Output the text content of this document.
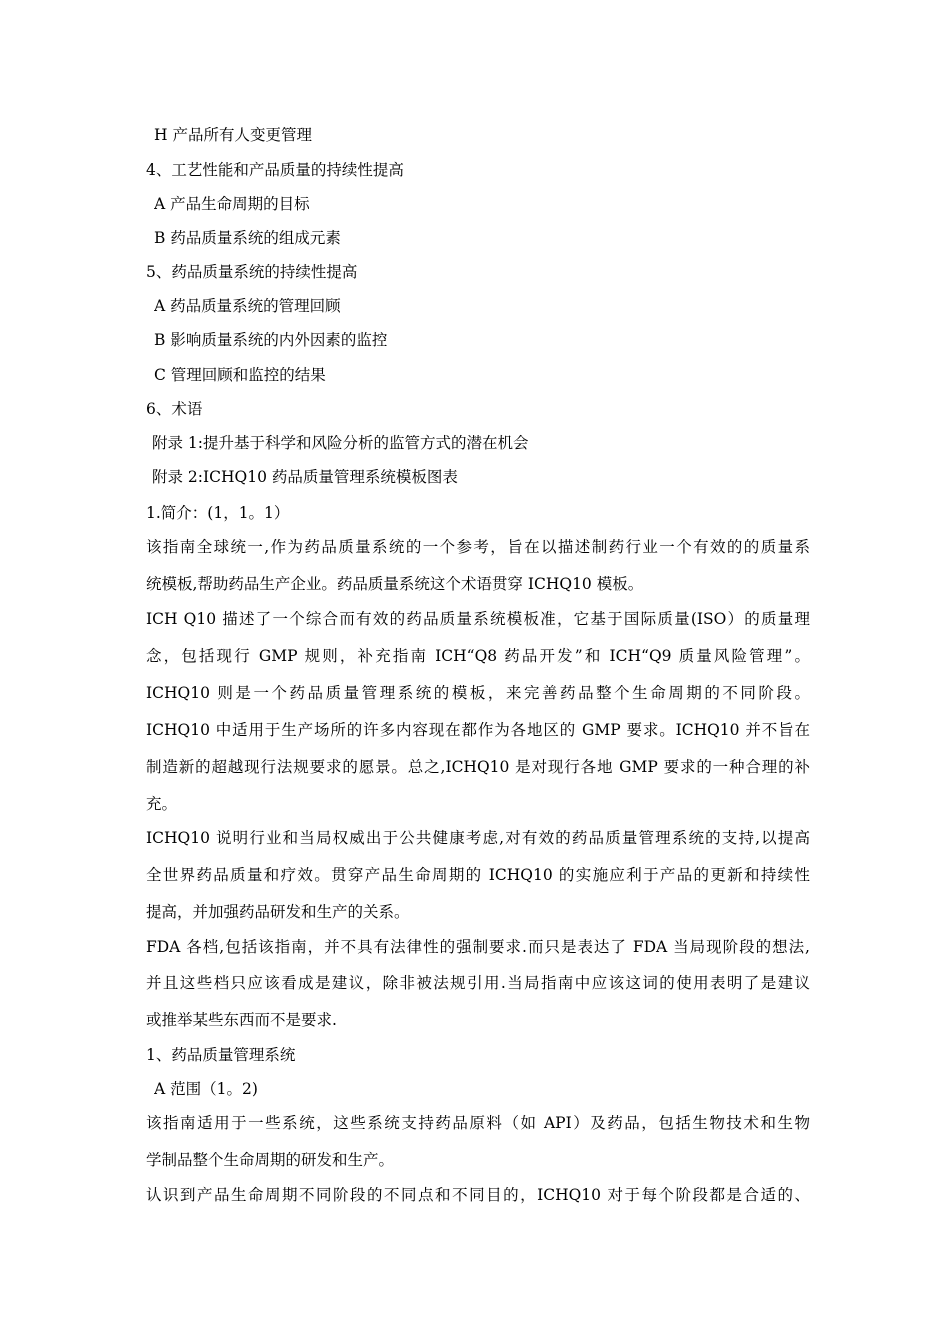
H 产品所有人变更管理
4、工艺性能和产品质量的持续性提高
A 产品生命周期的目标
B 药品质量系统的组成元素
5、药品质量系统的持续性提高
A 药品质量系统的管理回顾
B 影响质量系统的内外因素的监控
C 管理回顾和监控的结果
6、术语
附录 1:提升基于科学和风险分析的监管方式的潜在机会
附录 2:ICHQ10 药品质量管理系统模板图表
1.简介：(1，1。1）
该指南全球统一,作为药品质量系统的一个参考，旨在以描述制药行业一个有效的的质量系
统模板,帮助药品生产企业。药品质量系统这个术语贯穿 ICHQ10 模板。
ICH Q10 描述了一个综合而有效的药品质量系统模板准，它基于国际质量(ISO）的质量理
念，包括现行 GMP 规则，补充指南 ICH“Q8 药品开发”和 ICH“Q9 质量风险管理”。
ICHQ10 则是一个药品质量管理系统的模板，来完善药品整个生命周期的不同阶段。
ICHQ10 中适用于生产场所的许多内容现在都作为各地区的 GMP 要求。ICHQ10 并不旨在
制造新的超越现行法规要求的愿景。总之,ICHQ10 是对现行各地 GMP 要求的一种合理的补
充。
ICHQ10 说明行业和当局权威出于公共健康考虑,对有效的药品质量管理系统的支持,以提高
全世界药品质量和疗效。贯穿产品生命周期的 ICHQ10 的实施应利于产品的更新和持续性
提高，并加强药品研发和生产的关系。
FDA 各档,包括该指南，并不具有法律性的强制要求.而只是表达了 FDA 当局现阶段的想法,
并且这些档只应该看成是建议，除非被法规引用.当局指南中应该这词的使用表明了是建议
或推举某些东西而不是要求.
1、药品质量管理系统
A 范围（1。2)
该指南适用于一些系统，这些系统支持药品原料（如 API）及药品，包括生物技术和生物
学制品整个生命周期的研发和生产。
认识到产品生命周期不同阶段的不同点和不同目的，ICHQ10 对于每个阶段都是合适的、
